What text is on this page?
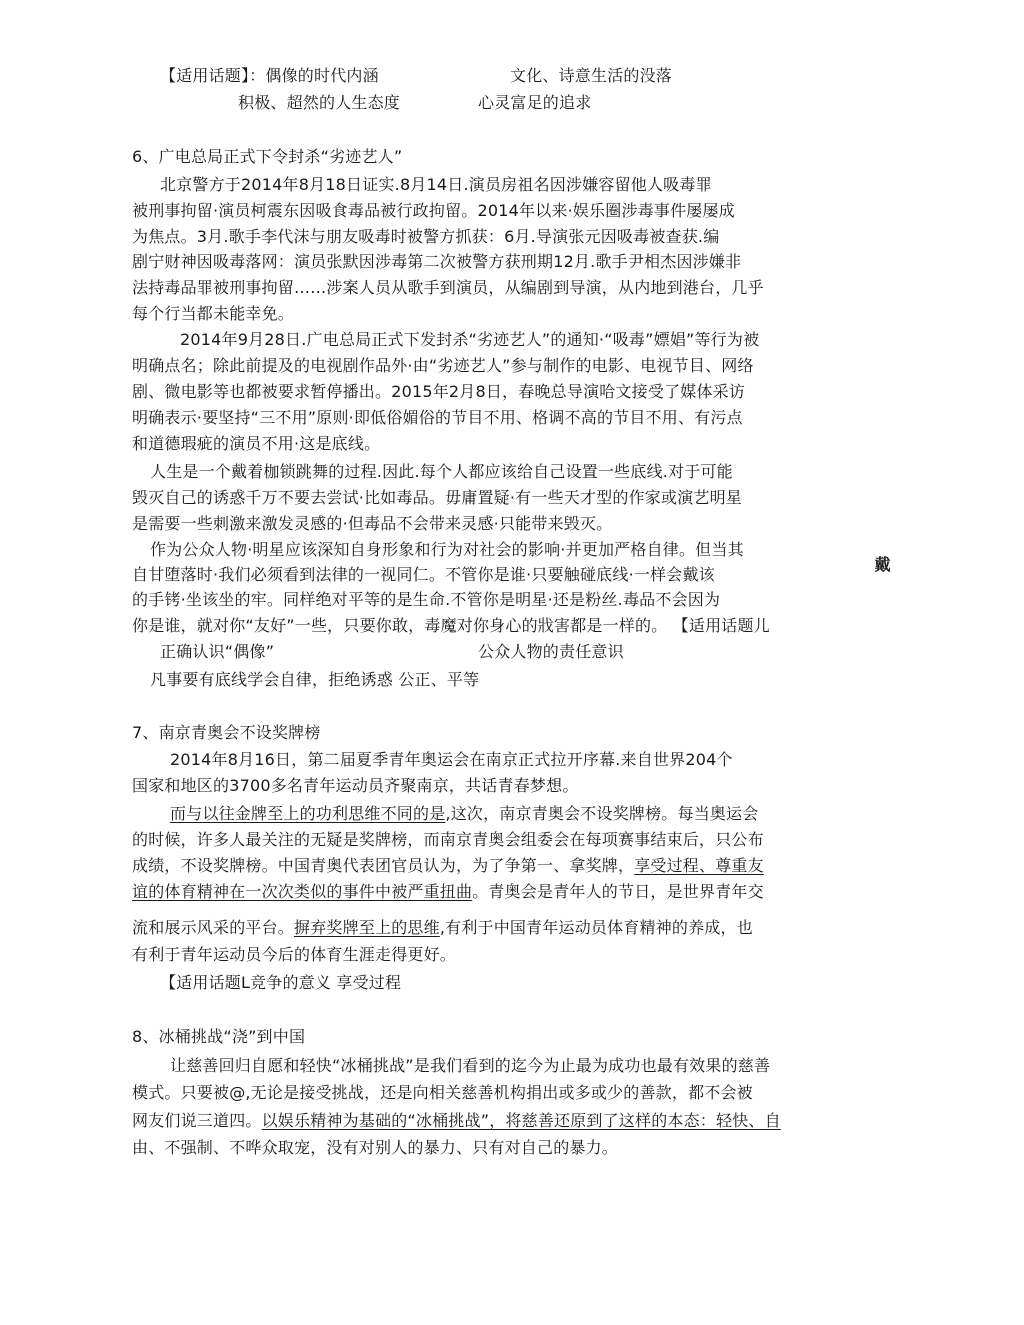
【适用话题】：偶像的时代内涵	文化、诗意生活的没落
积极、超然的人生态度	心灵富足的追求
6、广电总局正式下令封杀“劣迹艺人”
北京警方于2014年8月18日证实.8月14日.演员房祖名因涉嫌容留他人吸毒罪
被刑事拘留·演员柯震东因吸食毒品被行政拘留。2014年以来·娱乐圈涉毒事件屡屡成
为焦点。3月.歌手李代沫与朋友吸毒时被警方抓获：6月.导演张元因吸毒被查获.编
剧宁财神因吸毒落网：演员张默因涉毒第二次被警方获刑期12月.歌手尹相杰因涉嫌非
法持毒品罪被刑事拘留……涉案人员从歌手到演员，从编剧到导演，从内地到港台，几乎
每个行当都未能幸免。
2014年9月28日.广电总局正式下发封杀“劣迹艺人”的通知·“吸毒”嫖娼”等行为被
明确点名；除此前提及的电视剧作品外·由“劣迹艺人”参与制作的电影、电视节目、网络
剧、微电影等也都被要求暂停播出。2015年2月8日，春晚总导演哈文接受了媒体采访
明确表示·要坚持“三不用”原则·即低俗媚俗的节目不用、格调不高的节目不用、有污点
和道德瑕疵的演员不用·这是底线。
人生是一个戴着枷锁跳舞的过程.因此.每个人都应该给自己设置一些底线.对于可能
毁灭自己的诱惑千万不要去尝试·比如毒品。毋庸置疑·有一些天才型的作家或演艺明星
是需要一些刺激来激发灵感的·但毒品不会带来灵感·只能带来毁灭。
作为公众人物·明星应该深知自身形象和行为对社会的影响·并更加严格自律。但当其
自甘堕落时·我们必须看到法律的一视同仁。不管你是谁·只要触碰底线·一样会戴该
的手铐·坐该坐的牢。同样绝对平等的是生命.不管你是明星·还是粉丝.毒品不会因为
你是谁，就对你“友好”一些，只要你敢，毒魔对你身心的戕害都是一样的。 【适用话题儿
戴
正确认识“偶像”	公众人物的责任意识
凡事要有底线学会自律，拒绝诱惑 公正、平等
7、南京青奥会不设奖牌榜
2014年8月16日，第二届夏季青年奥运会在南京正式拉开序幕.来自世界204个
国家和地区的3700多名青年运动员齐聚南京，共话青春梦想。
而与以往金牌至上的功利思维不同的是,这次，南京青奥会不设奖牌榜。每当奥运会
的时候，许多人最关注的无疑是奖牌榜，而南京青奥会组委会在每项赛事结束后，只公布
成绩，不设奖牌榜。中国青奥代表团官员认为，为了争第一、拿奖牌，享受过程、尊重友
谊的体育精神在一次次类似的事件中被严重扭曲。青奥会是青年人的节日，是世界青年交
流和展示风采的平台。摒弃奖牌至上的思维,有利于中国青年运动员体育精神的养成，也
有利于青年运动员今后的体育生涯走得更好。
【适用话题L竞争的意义 享受过程
8、冰桶挑战“浇”到中国
让慈善回归自愿和轻快“冰桶挑战”是我们看到的迄今为止最为成功也最有效果的慈善
模式。只要被@,无论是接受挑战，还是向相关慈善机构捐出或多或少的善款，都不会被
网友们说三道四。以娱乐精神为基础的“冰桶挑战”，将慈善还原到了这样的本态：轻快、自
由、不强制、不哗众取宠，没有对别人的暴力、只有对自己的暴力。
